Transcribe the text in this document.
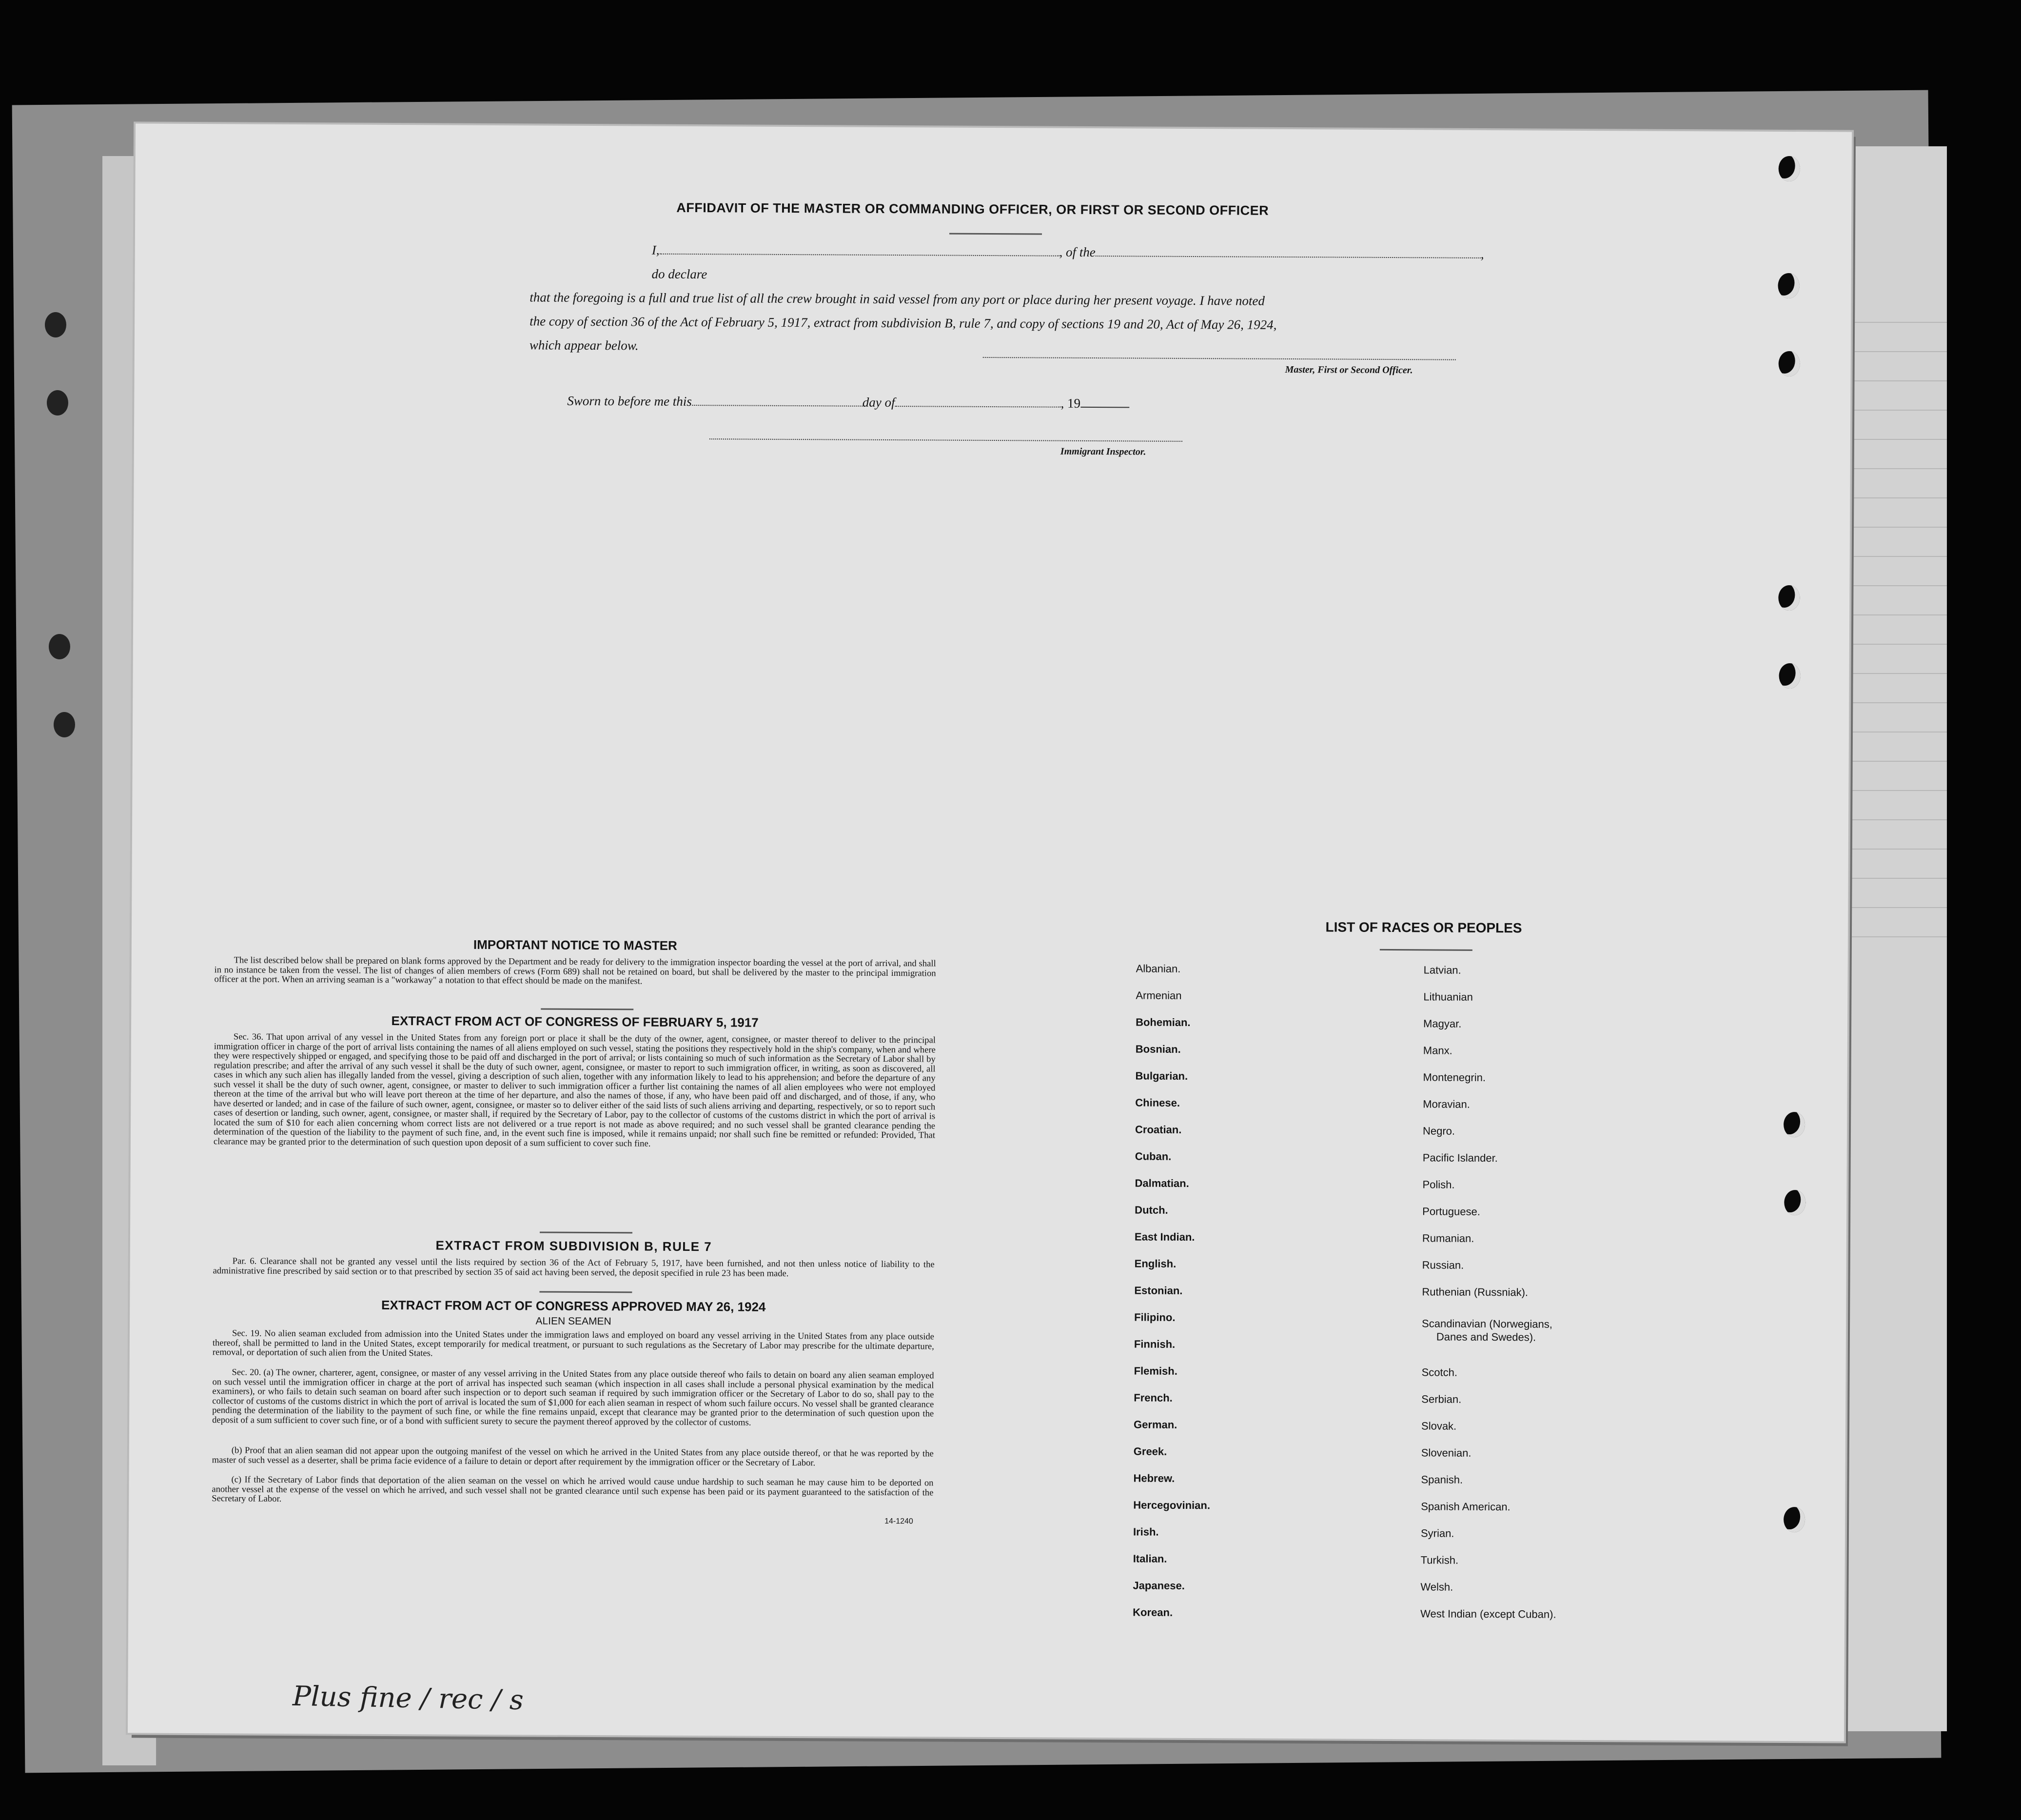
AFFIDAVIT OF THE MASTER OR COMMANDING OFFICER, OR FIRST OR SECOND OFFICER
I,	, of the	, do declare
that the foregoing is a full and true list of all the crew brought in said vessel from any port or place during her present voyage. I have noted
the copy of section 36 of the Act of February 5, 1917, extract from subdivision B, rule 7, and copy of sections 19 and 20, Act of May 26, 1924,
which appear below.
Master, First or Second Officer.
Sworn to before me this	day of	, 19
Immigrant Inspector.
IMPORTANT NOTICE TO MASTER
The list described below shall be prepared on blank forms approved by the Department and be ready for delivery to the immigration inspector boarding the vessel at the port of arrival, and shall in no instance be taken from the vessel. The list of changes of alien members of crews (Form 689) shall not be retained on board, but shall be delivered by the master to the principal immigration officer at the port. When an arriving seaman is a "workaway" a notation to that effect should be made on the manifest.
EXTRACT FROM ACT OF CONGRESS OF FEBRUARY 5, 1917
Sec. 36. That upon arrival of any vessel in the United States from any foreign port or place it shall be the duty of the owner, agent, consignee, or master thereof to deliver to the principal immigration officer in charge of the port of arrival lists containing the names of all aliens employed on such vessel, stating the positions they respectively hold in the ship's company, when and where they were respectively shipped or engaged, and specifying those to be paid off and discharged in the port of arrival; or lists containing so much of such information as the Secretary of Labor shall by regulation prescribe; and after the arrival of any such vessel it shall be the duty of such owner, agent, consignee, or master to report to such immigration officer, in writing, as soon as discovered, all cases in which any such alien has illegally landed from the vessel, giving a description of such alien, together with any information likely to lead to his apprehension; and before the departure of any such vessel it shall be the duty of such owner, agent, consignee, or master to deliver to such immigration officer a further list containing the names of all alien employees who were not employed thereon at the time of the arrival but who will leave port thereon at the time of her departure, and also the names of those, if any, who have been paid off and discharged, and of those, if any, who have deserted or landed; and in case of the failure of such owner, agent, consignee, or master so to deliver either of the said lists of such aliens arriving and departing, respectively, or so to report such cases of desertion or landing, such owner, agent, consignee, or master shall, if required by the Secretary of Labor, pay to the collector of customs of the customs district in which the port of arrival is located the sum of $10 for each alien concerning whom correct lists are not delivered or a true report is not made as above required; and no such vessel shall be granted clearance pending the determination of the question of the liability to the payment of such fine, and, in the event such fine is imposed, while it remains unpaid; nor shall such fine be remitted or refunded: Provided, That clearance may be granted prior to the determination of such question upon deposit of a sum sufficient to cover such fine.
EXTRACT FROM SUBDIVISION B, RULE 7
Par. 6. Clearance shall not be granted any vessel until the lists required by section 36 of the Act of February 5, 1917, have been furnished, and not then unless notice of liability to the administrative fine prescribed by said section or to that prescribed by section 35 of said act having been served, the deposit specified in rule 23 has been made.
EXTRACT FROM ACT OF CONGRESS APPROVED MAY 26, 1924
ALIEN SEAMEN
Sec. 19. No alien seaman excluded from admission into the United States under the immigration laws and employed on board any vessel arriving in the United States from any place outside thereof, shall be permitted to land in the United States, except temporarily for medical treatment, or pursuant to such regulations as the Secretary of Labor may prescribe for the ultimate departure, removal, or deportation of such alien from the United States.
Sec. 20. (a) The owner, charterer, agent, consignee, or master of any vessel arriving in the United States from any place outside thereof who fails to detain on board any alien seaman employed on such vessel until the immigration officer in charge at the port of arrival has inspected such seaman (which inspection in all cases shall include a personal physical examination by the medical examiners), or who fails to detain such seaman on board after such inspection or to deport such seaman if required by such immigration officer or the Secretary of Labor to do so, shall pay to the collector of customs of the customs district in which the port of arrival is located the sum of $1,000 for each alien seaman in respect of whom such failure occurs. No vessel shall be granted clearance pending the determination of the liability to the payment of such fine, or while the fine remains unpaid, except that clearance may be granted prior to the determination of such question upon the deposit of a sum sufficient to cover such fine, or of a bond with sufficient surety to secure the payment thereof approved by the collector of customs.
(b) Proof that an alien seaman did not appear upon the outgoing manifest of the vessel on which he arrived in the United States from any place outside thereof, or that he was reported by the master of such vessel as a deserter, shall be prima facie evidence of a failure to detain or deport after requirement by the immigration officer or the Secretary of Labor.
(c) If the Secretary of Labor finds that deportation of the alien seaman on the vessel on which he arrived would cause undue hardship to such seaman he may cause him to be deported on another vessel at the expense of the vessel on which he arrived, and such vessel shall not be granted clearance until such expense has been paid or its payment guaranteed to the satisfaction of the Secretary of Labor.
14-1240
LIST OF RACES OR PEOPLES
Albanian.
Armenian
Bohemian.
Bosnian.
Bulgarian.
Chinese.
Croatian.
Cuban.
Dalmatian.
Dutch.
East Indian.
English.
Estonian.
Filipino.
Finnish.
Flemish.
French.
German.
Greek.
Hebrew.
Hercegovinian.
Irish.
Italian.
Japanese.
Korean.
Latvian.
Lithuanian
Magyar.
Manx.
Montenegrin.
Moravian.
Negro.
Pacific Islander.
Polish.
Portuguese.
Rumanian.
Russian.
Ruthenian (Russniak).
Scandinavian (Norwegians,
Danes and Swedes).
Scotch.
Serbian.
Slovak.
Slovenian.
Spanish.
Spanish American.
Syrian.
Turkish.
Welsh.
West Indian (except Cuban).
Plus fine / rec / s
